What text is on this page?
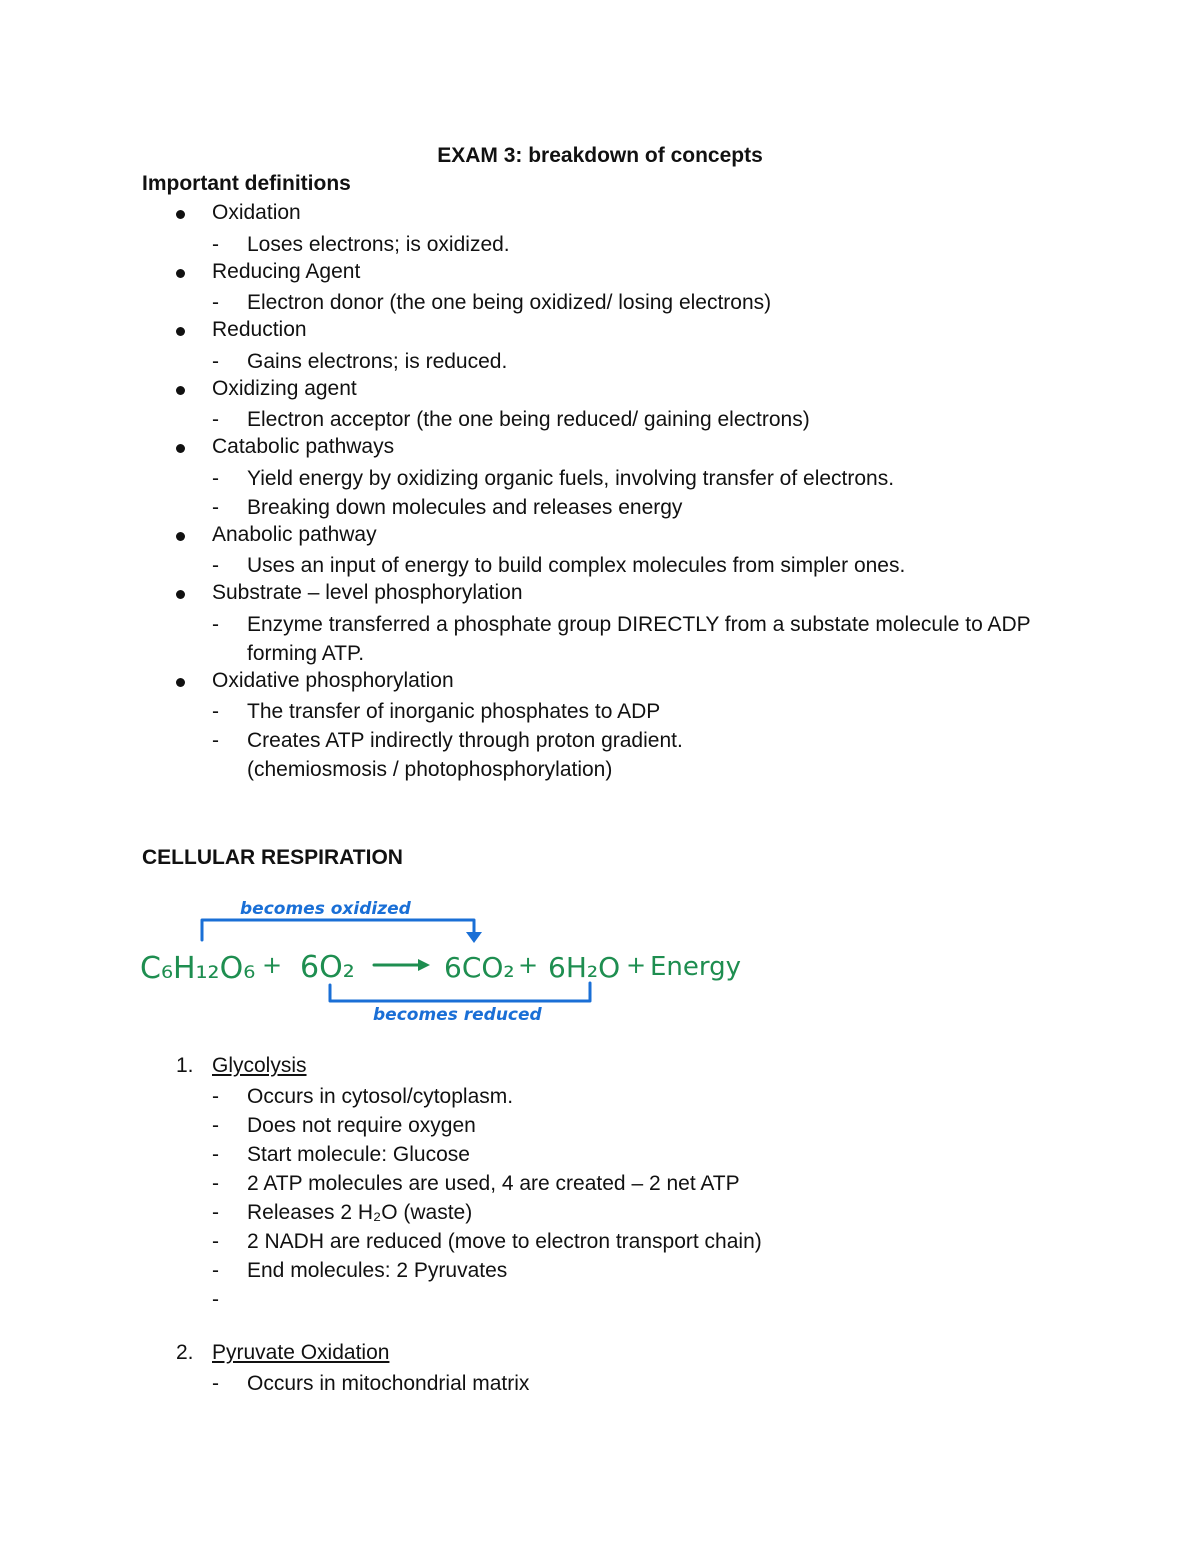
EXAM 3: breakdown of concepts
Important definitions
Oxidation
- Loses electrons; is oxidized.
Reducing Agent
- Electron donor (the one being oxidized/ losing electrons)
Reduction
- Gains electrons; is reduced.
Oxidizing agent
- Electron acceptor (the one being reduced/ gaining electrons)
Catabolic pathways
- Yield energy by oxidizing organic fuels, involving transfer of electrons.
- Breaking down molecules and releases energy
Anabolic pathway
- Uses an input of energy to build complex molecules from simpler ones.
Substrate – level phosphorylation
- Enzyme transferred a phosphate group DIRECTLY from a substate molecule to ADP forming ATP.
Oxidative phosphorylation
- The transfer of inorganic phosphates to ADP
- Creates ATP indirectly through proton gradient. (chemiosmosis / photophosphorylation)
CELLULAR RESPIRATION
becomes oxidized
C₆H₁₂O₆ + 6O₂	6CO₂ + 6H₂O + Energy
becomes reduced
1. Glycolysis
- Occurs in cytosol/cytoplasm.
- Does not require oxygen
- Start molecule: Glucose
- 2 ATP molecules are used, 4 are created – 2 net ATP
- Releases 2 H₂O (waste)
- 2 NADH are reduced (move to electron transport chain)
- End molecules: 2 Pyruvates
-
2. Pyruvate Oxidation
- Occurs in mitochondrial matrix
